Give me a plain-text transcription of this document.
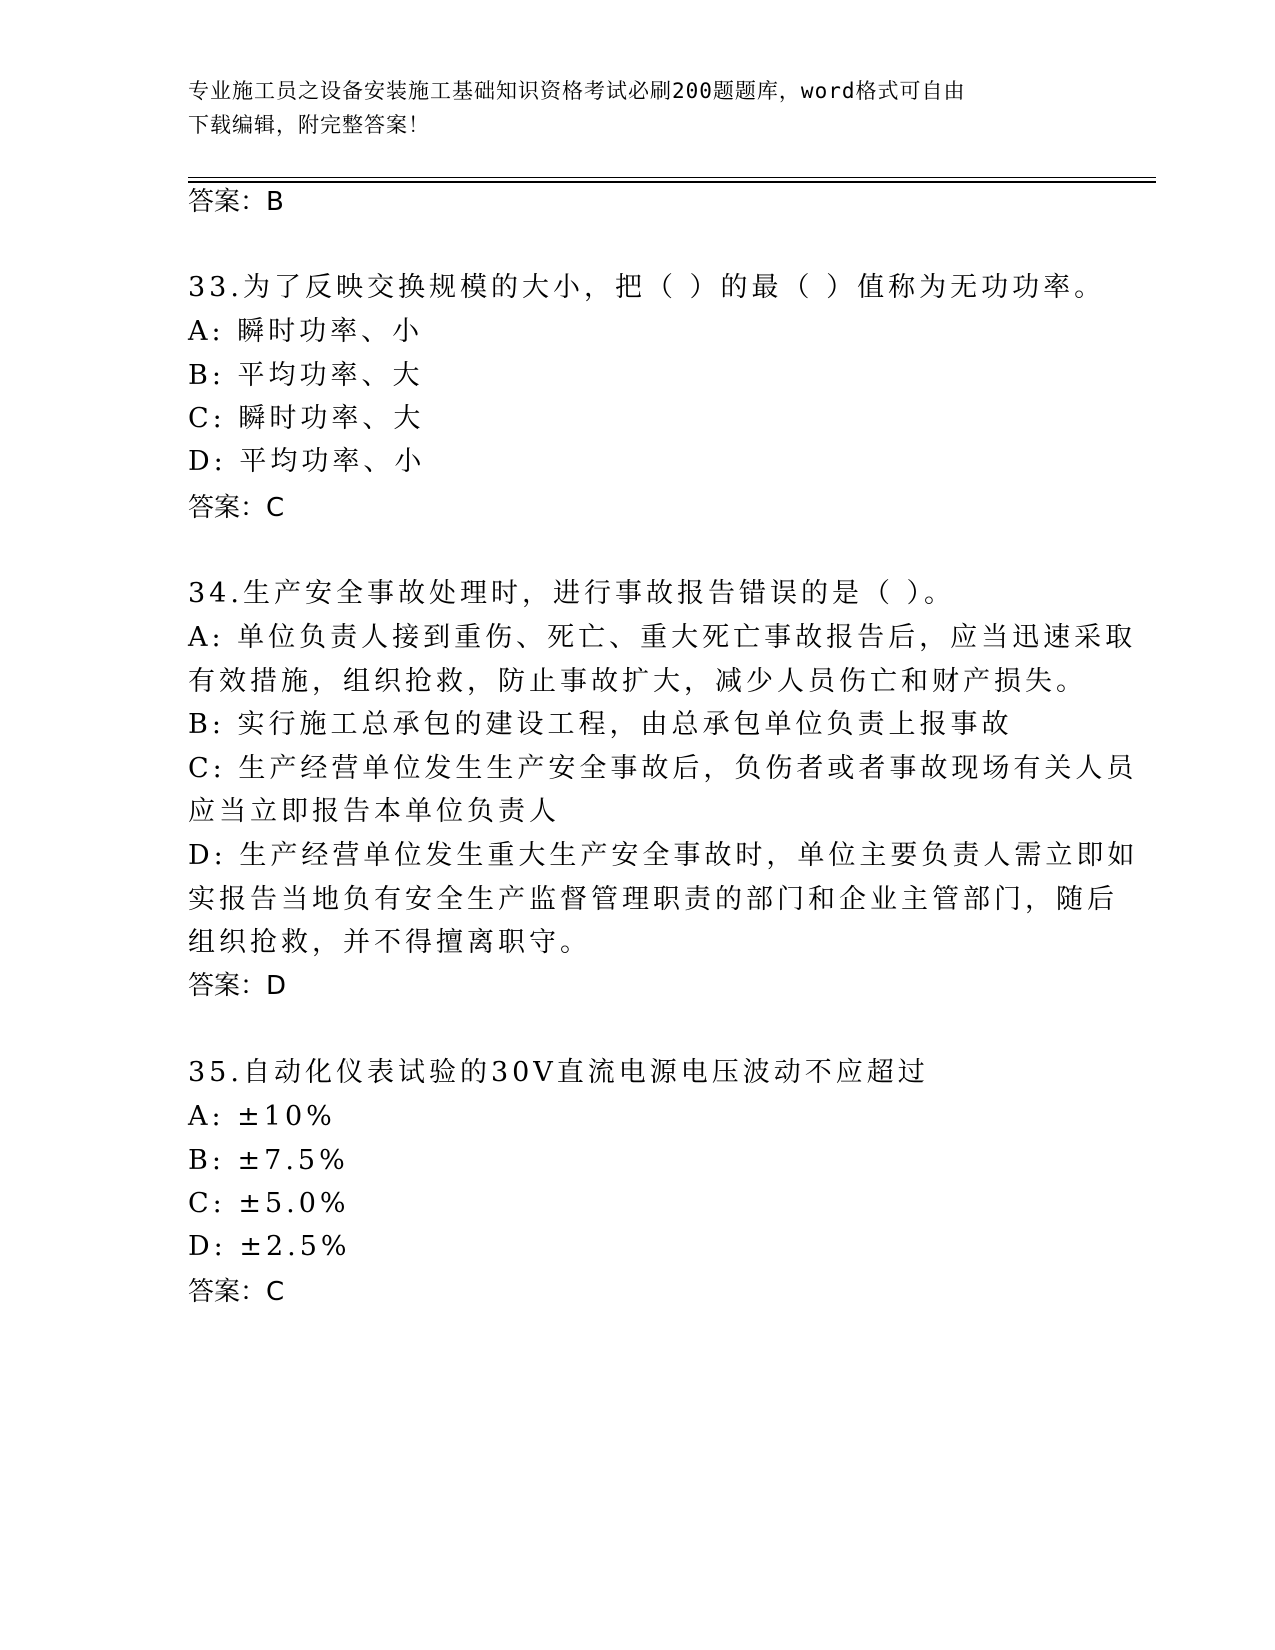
专业施工员之设备安装施工基础知识资格考试必刷200题题库，word格式可自由
下载编辑，附完整答案！
答案：B
33.为了反映交换规模的大小，把（ ）的最（ ）值称为无功功率。
A: 瞬时功率、小
B: 平均功率、大
C: 瞬时功率、大
D: 平均功率、小
答案：C
34.生产安全事故处理时，进行事故报告错误的是（ ）。
A: 单位负责人接到重伤、死亡、重大死亡事故报告后，应当迅速采取
有效措施，组织抢救，防止事故扩大，减少人员伤亡和财产损失。
B: 实行施工总承包的建设工程，由总承包单位负责上报事故
C: 生产经营单位发生生产安全事故后，负伤者或者事故现场有关人员
应当立即报告本单位负责人
D: 生产经营单位发生重大生产安全事故时，单位主要负责人需立即如
实报告当地负有安全生产监督管理职责的部门和企业主管部门，随后
组织抢救，并不得擅离职守。
答案：D
35.自动化仪表试验的30V直流电源电压波动不应超过
A: ±10%
B: ±7.5%
C: ±5.0%
D: ±2.5%
答案：C
